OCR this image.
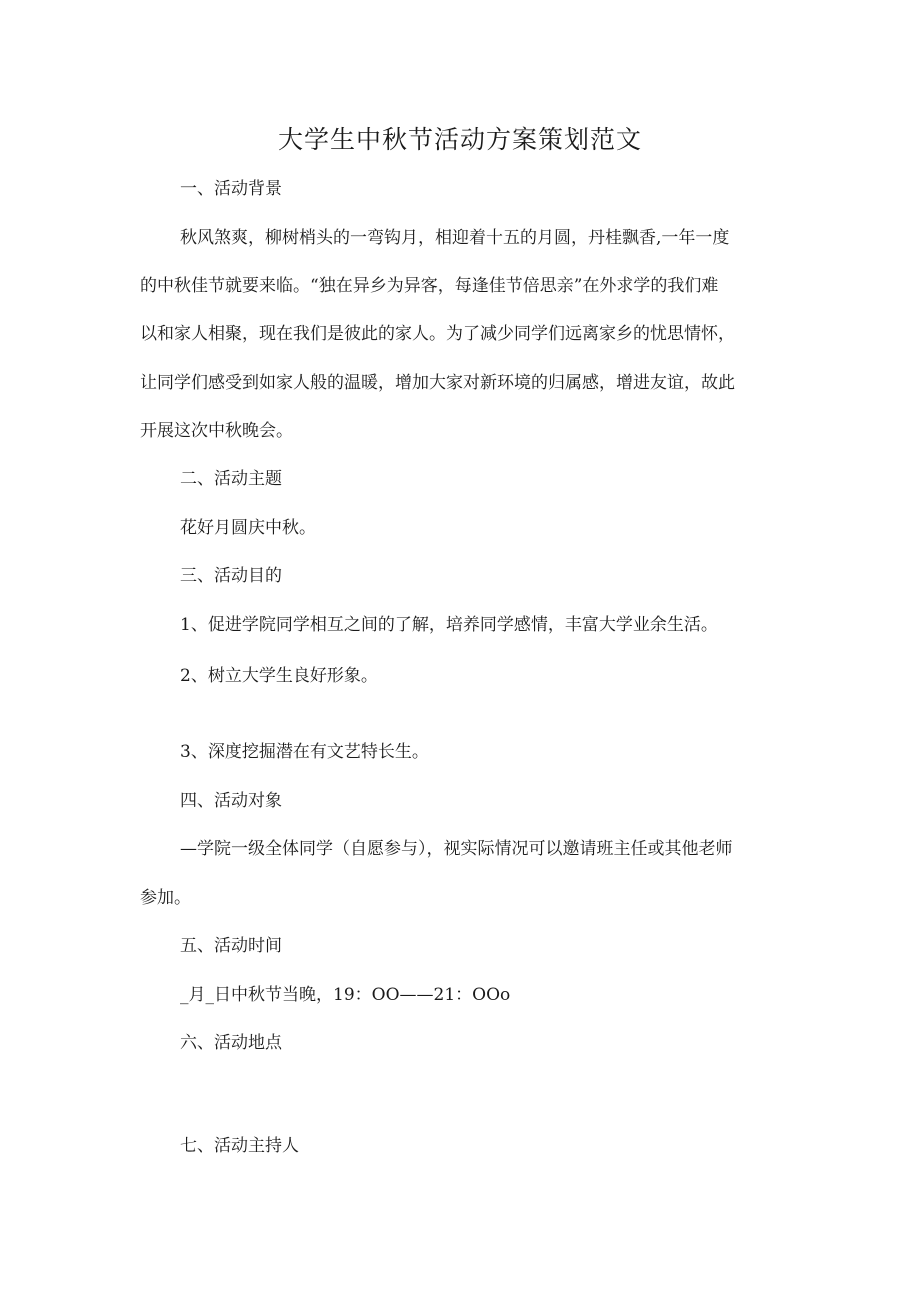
大学生中秋节活动方案策划范文

一、活动背景

秋风煞爽，柳树梢头的一弯钩月，相迎着十五的月圆，丹桂飘香,一年一度

的中秋佳节就要来临。“独在异乡为异客，每逢佳节倍思亲”在外求学的我们难

以和家人相聚，现在我们是彼此的家人。为了减少同学们远离家乡的忧思情怀，

让同学们感受到如家人般的温暖，增加大家对新环境的归属感，增进友谊，故此

开展这次中秋晚会。

二、活动主题

花好月圆庆中秋。

三、活动目的

1、促进学院同学相互之间的了解，培养同学感情，丰富大学业余生活。

2、树立大学生良好形象。

3、深度挖掘潜在有文艺特长生。

四、活动对象

—学院一级全体同学（自愿参与），视实际情况可以邀请班主任或其他老师

参加。

五、活动时间

_月_日中秋节当晚，19：OO——21：OOo

六、活动地点

七、活动主持人
